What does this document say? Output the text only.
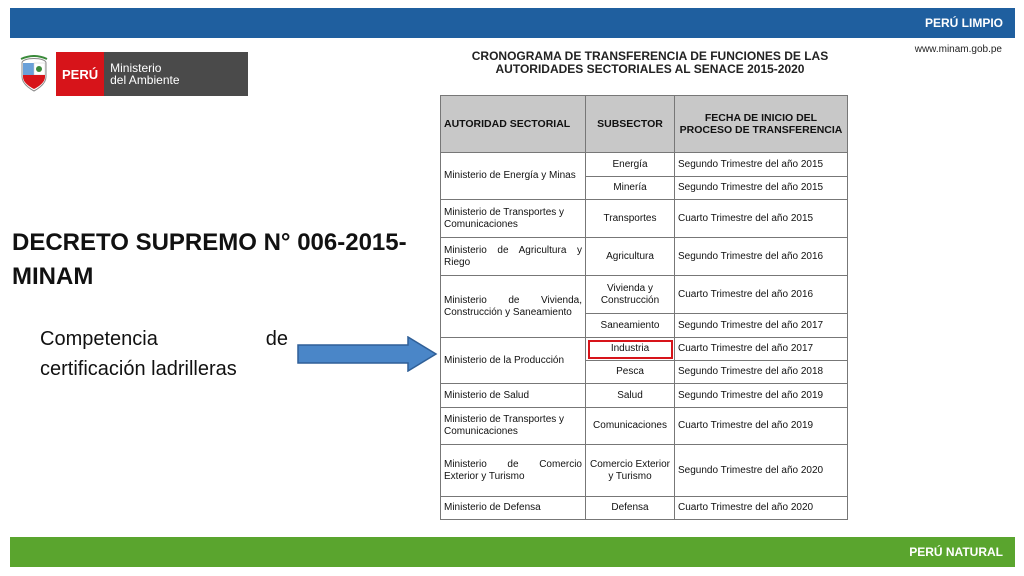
PERÚ LIMPIO
www.minam.gob.pe
PERÚ	Ministerio
del Ambiente
DECRETO SUPREMO N° 006-2015-
MINAM
Competencia de certificación ladrilleras
CRONOGRAMA DE TRANSFERENCIA DE FUNCIONES DE LAS
AUTORIDADES SECTORIALES AL SENACE 2015-2020
AUTORIDAD SECTORIAL	SUBSECTOR	FECHA DE INICIO DEL PROCESO DE TRANSFERENCIA
Ministerio de Energía y Minas	Energía	Segundo Trimestre del año 2015
	Minería	Segundo Trimestre del año 2015
Ministerio de Transportes y Comunicaciones	Transportes	Cuarto Trimestre del año 2015
Ministerio de Agricultura y Riego	Agricultura	Segundo Trimestre del año 2016
Ministerio de Vivienda, Construcción y Saneamiento	Vivienda y Construcción	Cuarto Trimestre del año 2016
	Saneamiento	Segundo Trimestre del año 2017
Ministerio de la Producción	Industria	Cuarto Trimestre del año 2017
	Pesca	Segundo Trimestre del año 2018
Ministerio de Salud	Salud	Segundo Trimestre del año 2019
Ministerio de Transportes y Comunicaciones	Comunicaciones	Cuarto Trimestre del año 2019
Ministerio de Comercio Exterior y Turismo	Comercio Exterior y Turismo	Segundo Trimestre del año 2020
Ministerio de Defensa	Defensa	Cuarto Trimestre del año 2020
PERÚ NATURAL
